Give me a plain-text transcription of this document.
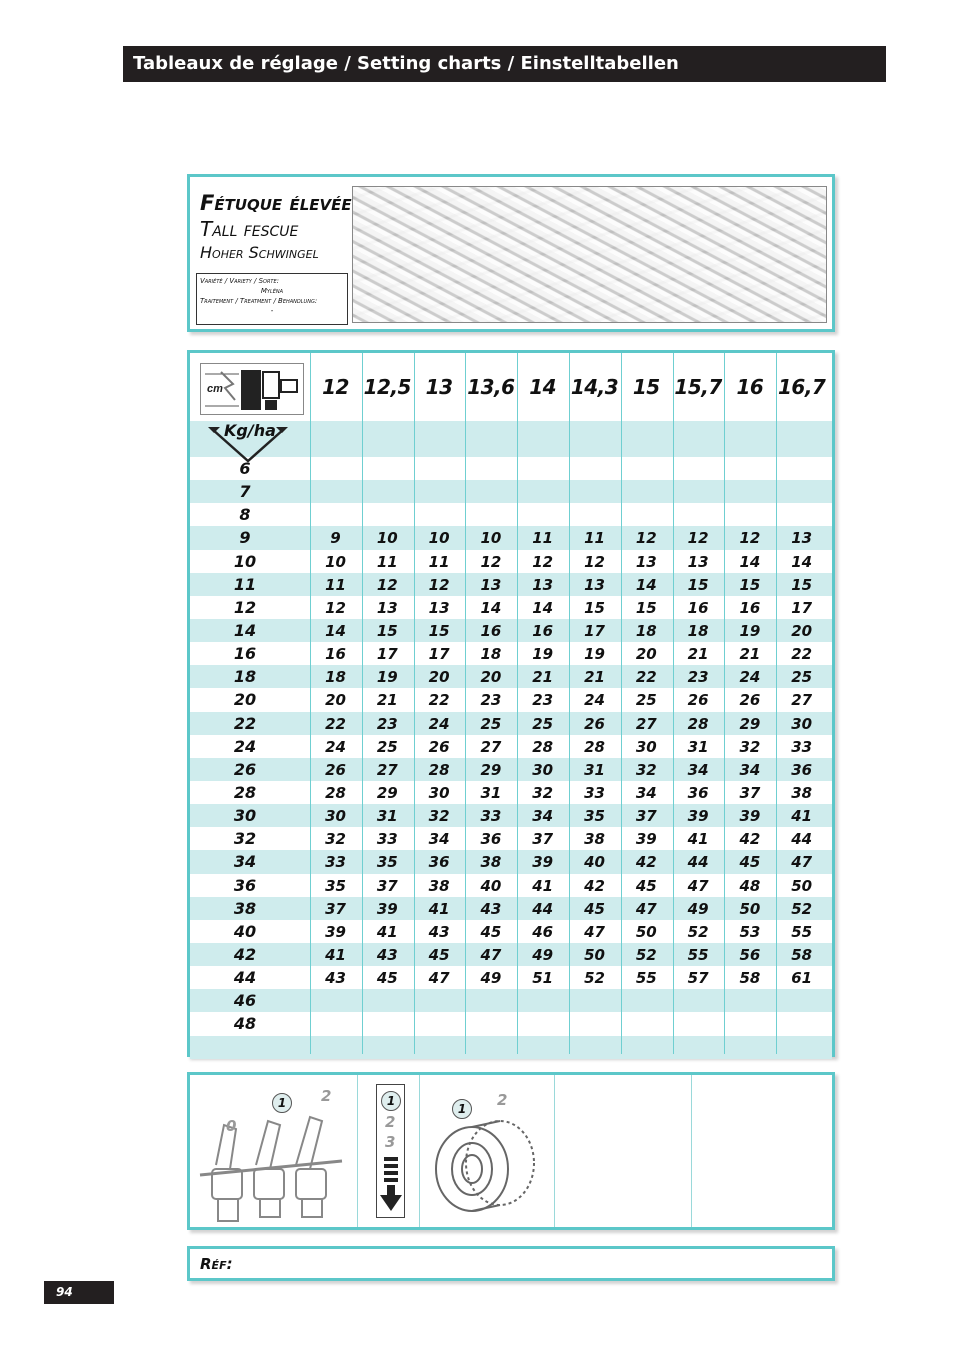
Tableaux de réglage / Setting charts / Einstelltabellen
Fétuque élevée
Tall fescue
Hoher Schwingel
Variété / Variety / Sorte:
Myléna
Traitement / Treatment / Behandlung:
-
cm
Kg/ha
12 12,5 13 13,6 14 14,3 15 15,7 16 16,7
6
7
8
9	9	10	10	10	11	11	12	12	12	13
10	10	11	11	12	12	12	13	13	14	14
11	11	12	12	13	13	13	14	15	15	15
12	12	13	13	14	14	15	15	16	16	17
14	14	15	15	16	16	17	18	18	19	20
16	16	17	17	18	19	19	20	21	21	22
18	18	19	20	20	21	21	22	23	24	25
20	20	21	22	23	23	24	25	26	26	27
22	22	23	24	25	25	26	27	28	29	30
24	24	25	26	27	28	28	30	31	32	33
26	26	27	28	29	30	31	32	34	34	36
28	28	29	30	31	32	33	34	36	37	38
30	30	31	32	33	34	35	37	39	39	41
32	32	33	34	36	37	38	39	41	42	44
34	33	35	36	38	39	40	42	44	45	47
36	35	37	38	40	41	42	45	47	48	50
38	37	39	41	43	44	45	47	49	50	52
40	39	41	43	45	46	47	50	52	53	55
42	41	43	45	47	49	50	52	55	56	58
44	43	45	47	49	51	52	55	57	58	61
46
48
1	2
0
1
2
3
1	2
Réf:
94
